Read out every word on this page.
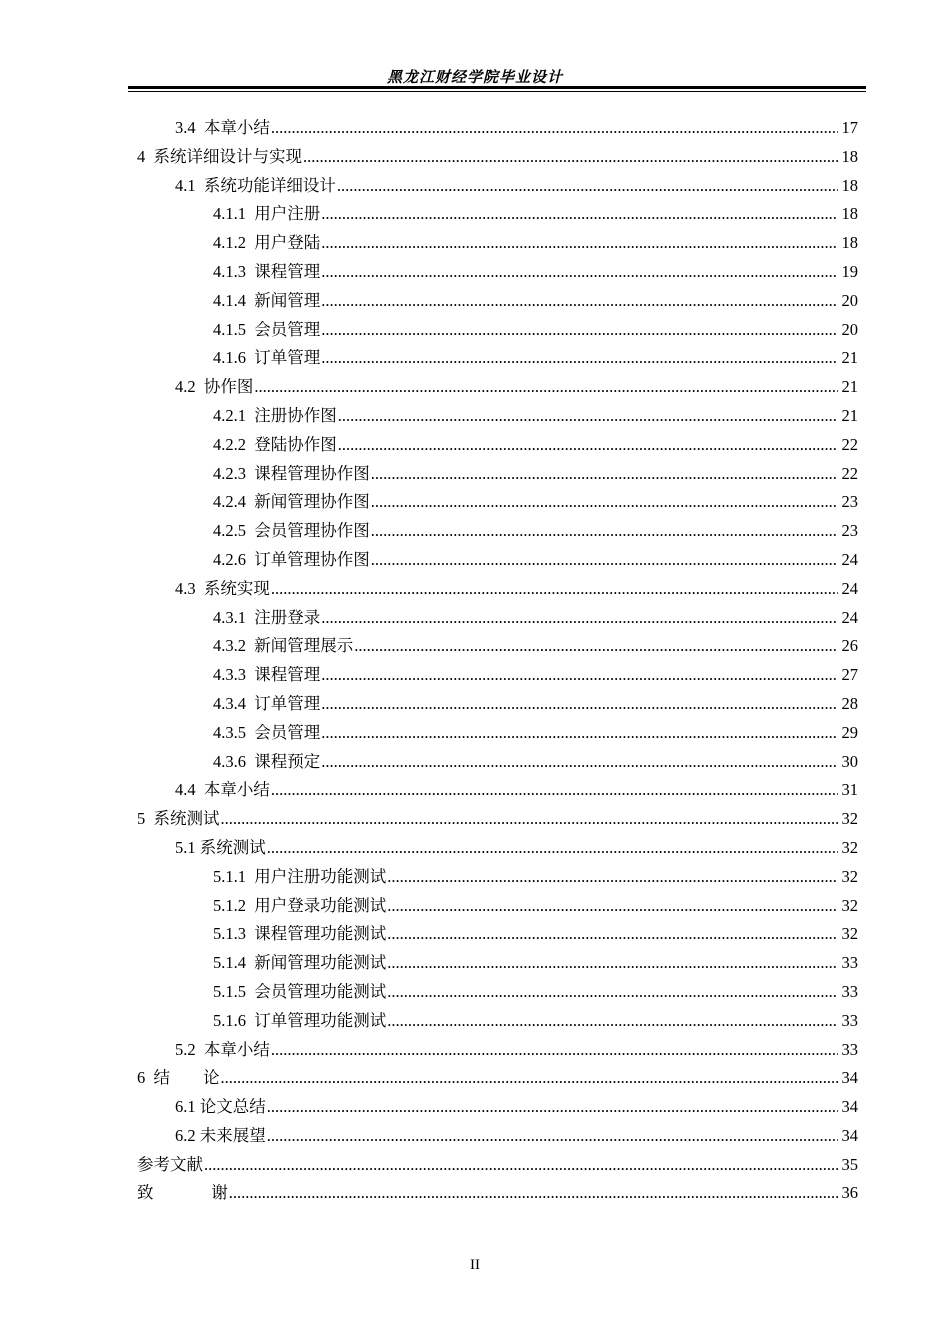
黑龙江财经学院毕业设计
3.4 本章小结 .....	17
4 系统详细设计与实现 .....	18
4.1 系统功能详细设计 .....	18
4.1.1 用户注册 .....	18
4.1.2 用户登陆 .....	18
4.1.3 课程管理 .....	19
4.1.4 新闻管理 .....	20
4.1.5 会员管理 .....	20
4.1.6 订单管理 .....	21
4.2 协作图 .....	21
4.2.1 注册协作图 .....	21
4.2.2 登陆协作图 .....	22
4.2.3 课程管理协作图 .....	22
4.2.4 新闻管理协作图 .....	23
4.2.5 会员管理协作图 .....	23
4.2.6 订单管理协作图 .....	24
4.3 系统实现 .....	24
4.3.1 注册登录 .....	24
4.3.2 新闻管理展示 .....	26
4.3.3 课程管理 .....	27
4.3.4 订单管理 .....	28
4.3.5 会员管理 .....	29
4.3.6 课程预定 .....	30
4.4 本章小结 .....	31
5 系统测试 .....	32
5.1 系统测试 .....	32
5.1.1 用户注册功能测试 .....	32
5.1.2 用户登录功能测试 .....	32
5.1.3 课程管理功能测试 .....	32
5.1.4 新闻管理功能测试 .....	33
5.1.5 会员管理功能测试 .....	33
5.1.6 订单管理功能测试 .....	33
5.2 本章小结 .....	33
6 结        论 .....	34
6.1 论文总结 .....	34
6.2 未来展望 .....	34
参考文献 .....	35
致              谢 .....	36
II
